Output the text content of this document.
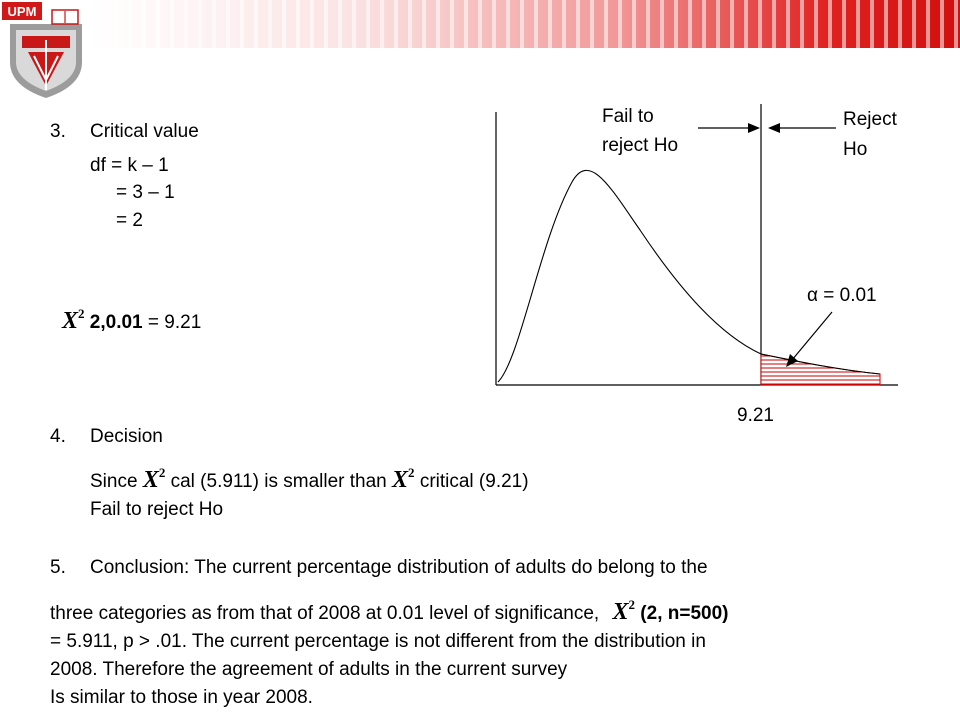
UPM
3. Critical value
df = k – 1
= 3 – 1
= 2
$X^2$ 2,0.01 = 9.21
Fail to
reject Ho
Reject
Ho
α = 0.01
9.21
4. Decision
Since $X^2$ cal (5.911) is smaller than $X^2$ critical (9.21)
Fail to reject Ho
5. Conclusion: The current percentage distribution of adults do belong to the
three categories as from that of 2008 at 0.01 level of significance, $X^2$ (2, n=500)
= 5.911, p > .01. The current percentage is not different from the distribution in
2008. Therefore the agreement of adults in the current survey
Is similar to those in year 2008.
